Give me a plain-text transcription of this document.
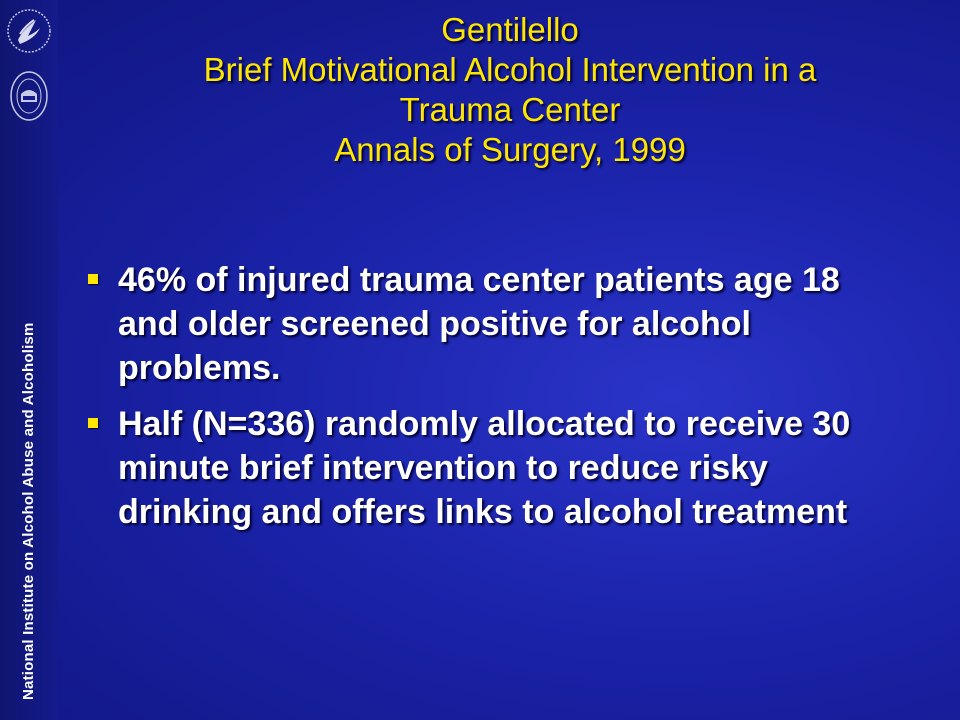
National Institute on Alcohol Abuse and Alcoholism
Gentilello
Brief Motivational Alcohol Intervention in a
Trauma Center
Annals of Surgery, 1999
46% of injured trauma center patients age 18 and older screened positive for alcohol problems.
Half (N=336) randomly allocated to receive 30 minute brief intervention to reduce risky drinking and offers links to alcohol treatment
